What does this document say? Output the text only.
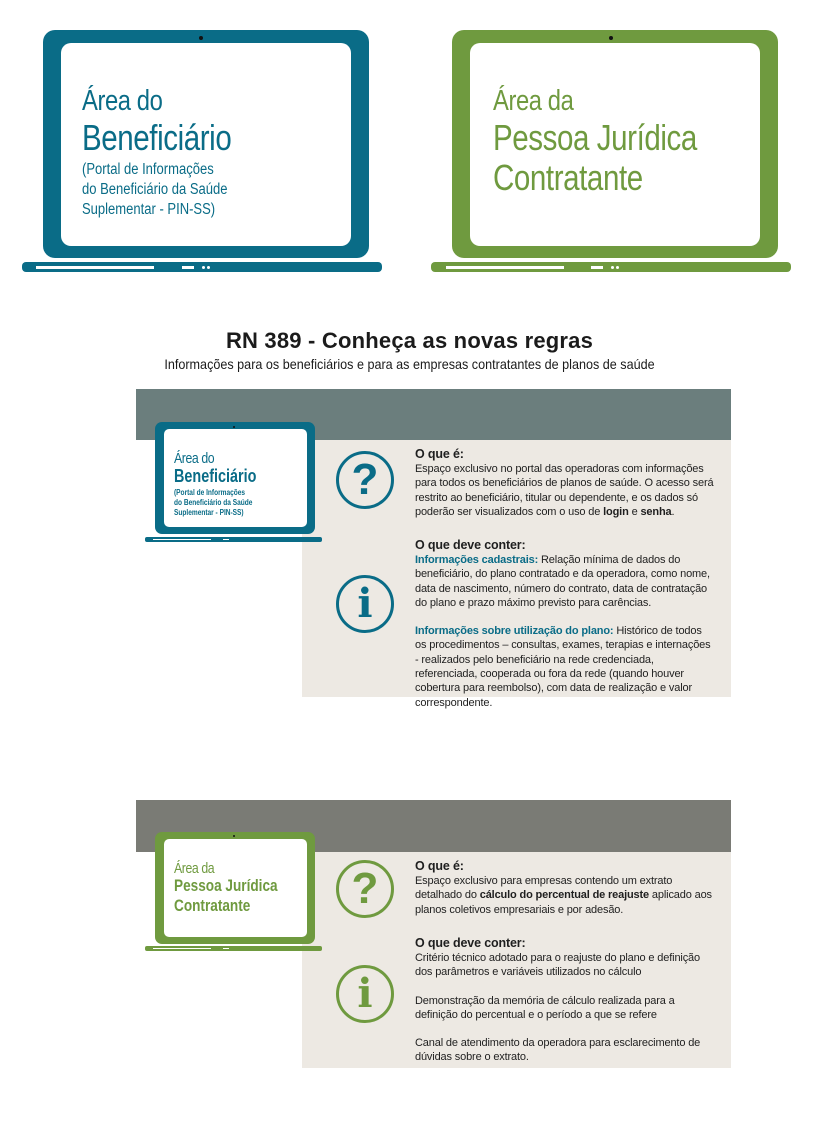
Área do
Beneficiário
(Portal de Informações
do Beneficiário da Saúde
Suplementar - PIN-SS)
Área da
Pessoa Jurídica
Contratante
RN 389 - Conheça as novas regras
Informações para os beneficiários e para as empresas contratantes de planos de saúde
Área do
Beneficiário
(Portal de Informações
do Beneficiário da Saúde
Suplementar - PIN-SS)
?
i
O que é:
Espaço exclusivo no portal das operadoras com informações para todos os beneficiários de planos de saúde. O acesso será restrito ao beneficiário, titular ou dependente, e os dados só poderão ser visualizados com o uso de login e senha.
O que deve conter:
Informações cadastrais: Relação mínima de dados do beneficiário, do plano contratado e da operadora, como nome, data de nascimento, número do contrato, data de contratação do plano e prazo máximo previsto para carências.
Informações sobre utilização do plano: Histórico de todos os procedimentos – consultas, exames, terapias e internações - realizados pelo beneficiário na rede credenciada, referenciada, cooperada ou fora da rede (quando houver cobertura para reembolso), com data de realização e valor correspondente.
Área da
Pessoa Jurídica
Contratante	?
i
O que é:
Espaço exclusivo para empresas contendo um extrato detalhado do cálculo do percentual de reajuste aplicado aos planos coletivos empresariais e por adesão.
O que deve conter:
Critério técnico adotado para o reajuste do plano e definição dos parâmetros e variáveis utilizados no cálculo
Demonstração da memória de cálculo realizada para a definição do percentual e o período a que se refere
Canal de atendimento da operadora para esclarecimento de dúvidas sobre o extrato.
